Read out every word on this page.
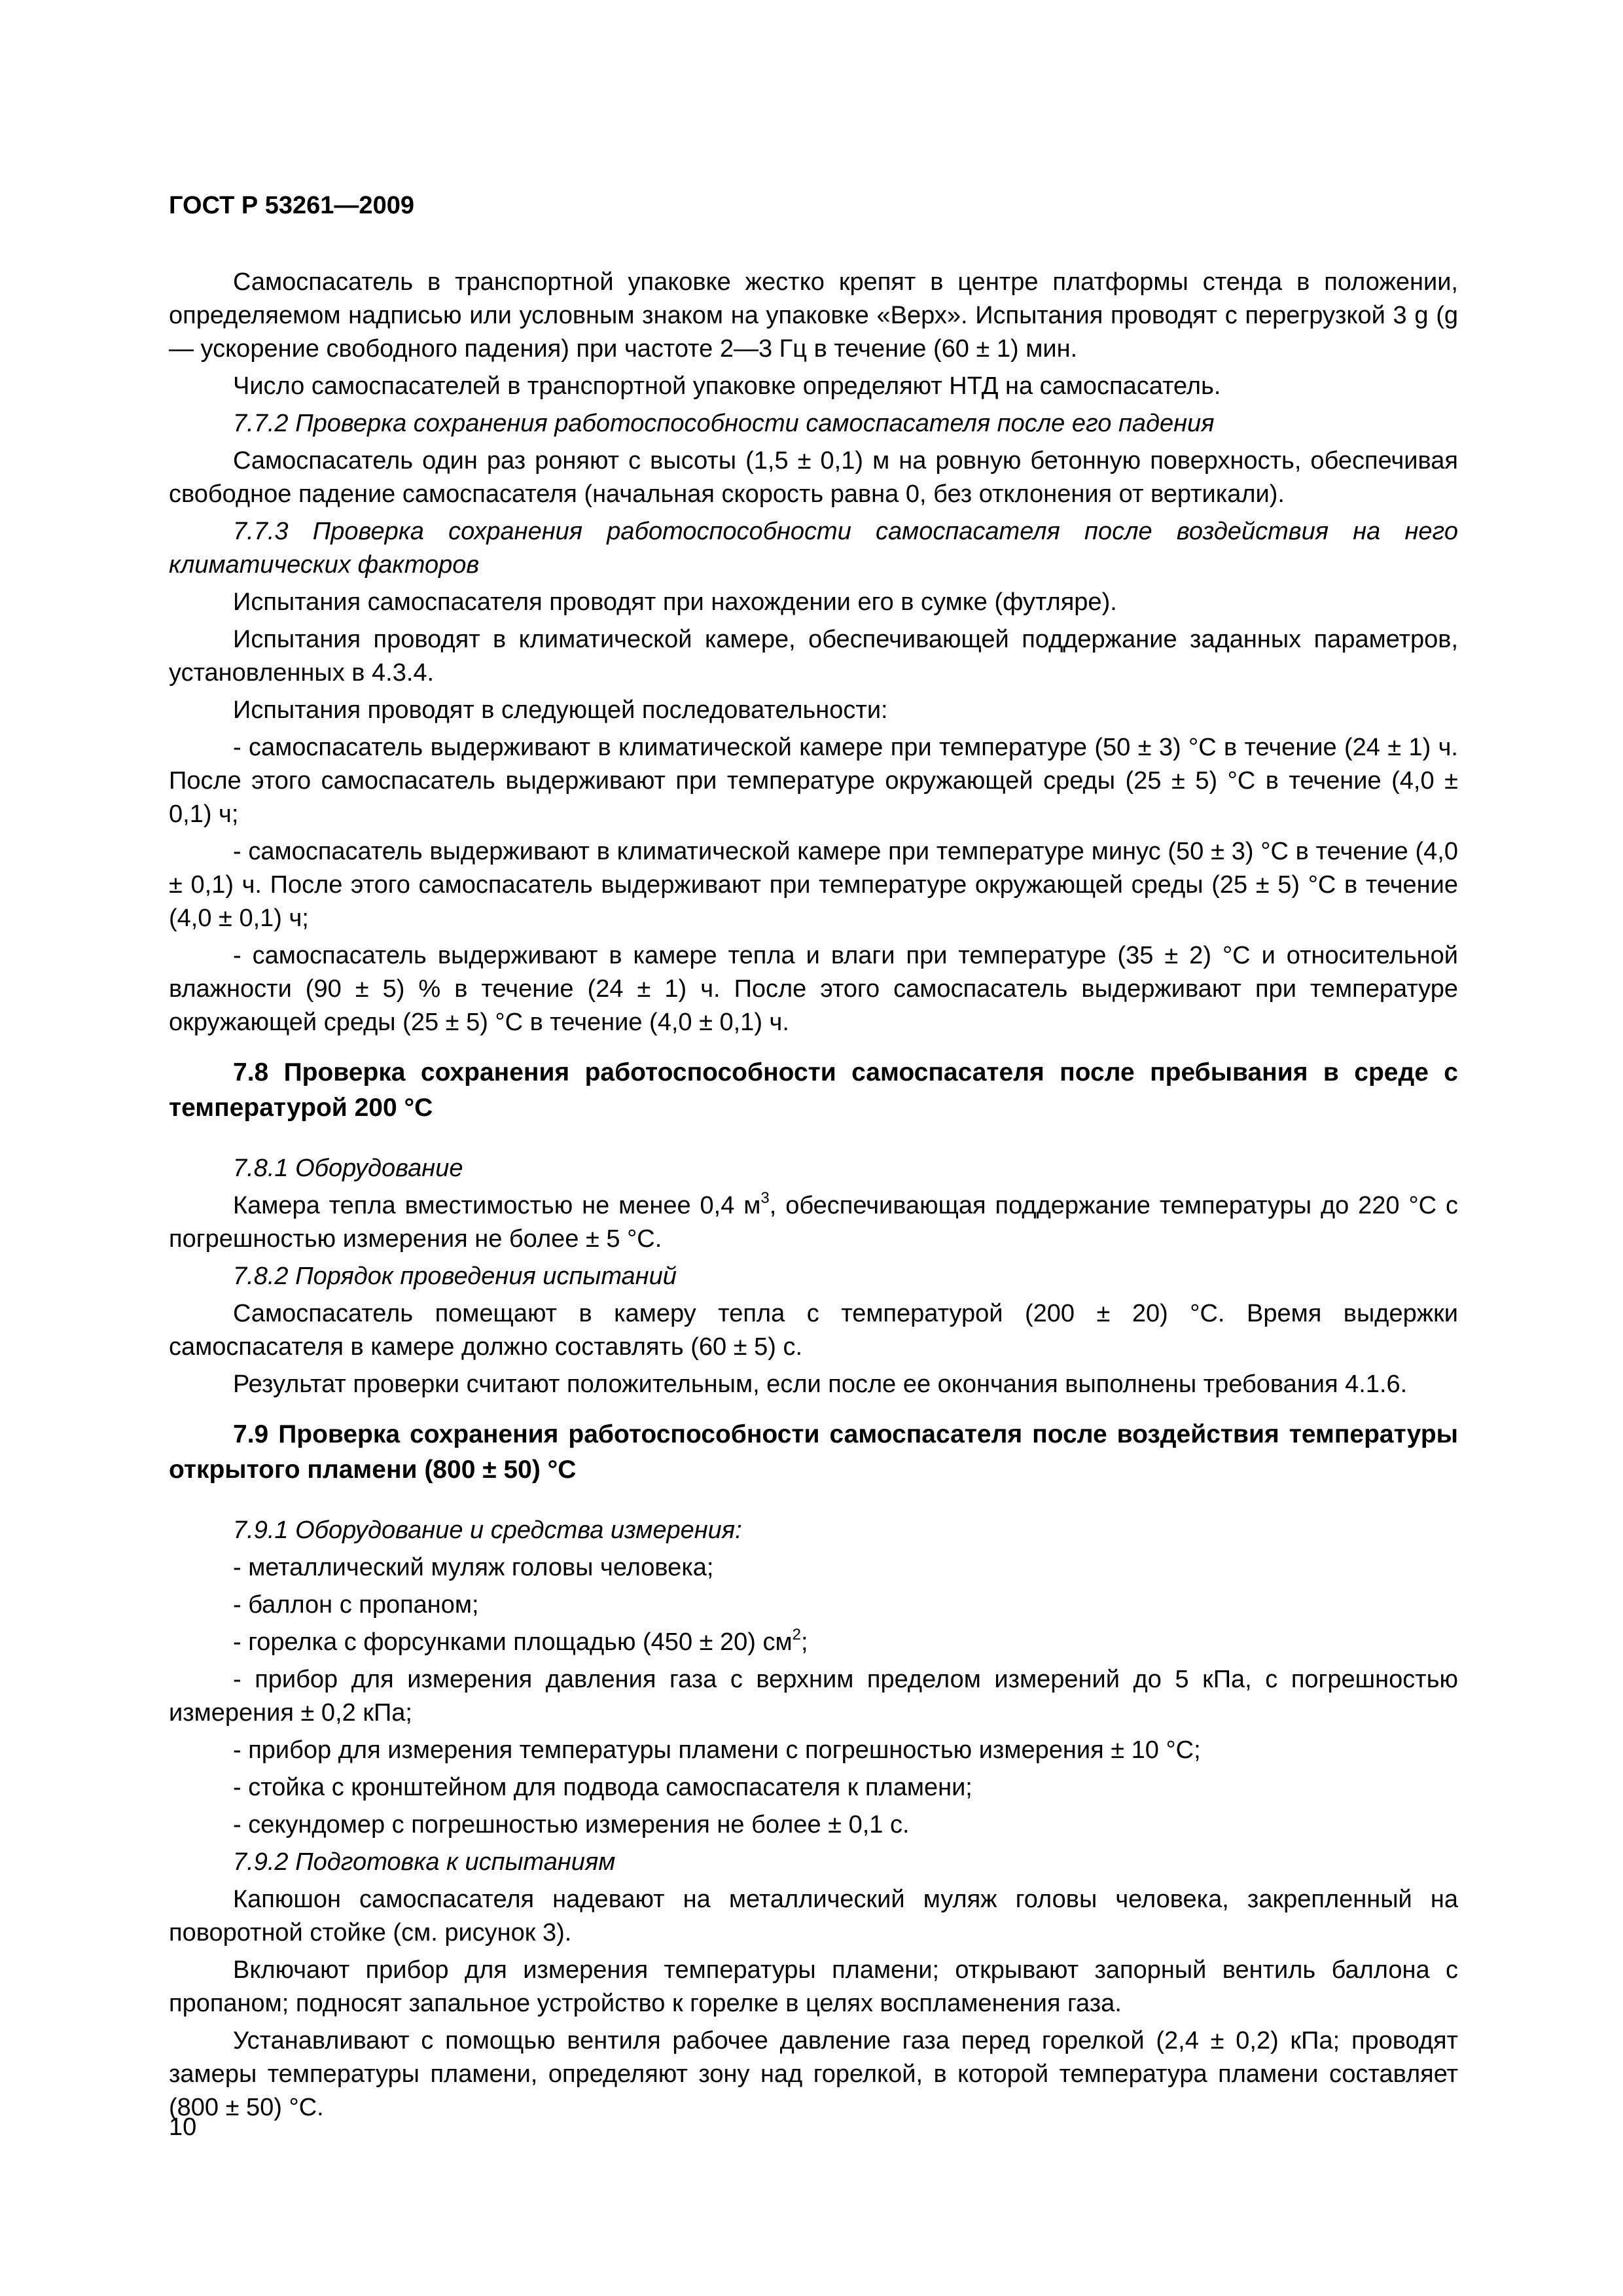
ГОСТ Р 53261—2009

Самоспасатель в транспортной упаковке жестко крепят в центре платформы стенда в положении, определяемом надписью или условным знаком на упаковке «Верх». Испытания проводят с перегрузкой 3 g (g — ускорение свободного падения) при частоте 2—3 Гц в течение (60 ± 1) мин.

Число самоспасателей в транспортной упаковке определяют НТД на самоспасатель.

7.7.2 Проверка сохранения работоспособности самоспасателя после его падения

Самоспасатель один раз роняют с высоты (1,5 ± 0,1) м на ровную бетонную поверхность, обеспечивая свободное падение самоспасателя (начальная скорость равна 0, без отклонения от вертикали).

7.7.3 Проверка сохранения работоспособности самоспасателя после воздействия на него климатических факторов

Испытания самоспасателя проводят при нахождении его в сумке (футляре).

Испытания проводят в климатической камере, обеспечивающей поддержание заданных параметров, установленных в 4.3.4.

Испытания проводят в следующей последовательности:

- самоспасатель выдерживают в климатической камере при температуре (50 ± 3) °С в течение (24 ± 1) ч. После этого самоспасатель выдерживают при температуре окружающей среды (25 ± 5) °С в течение (4,0 ± 0,1) ч;

- самоспасатель выдерживают в климатической камере при температуре минус (50 ± 3) °С в течение (4,0 ± 0,1) ч. После этого самоспасатель выдерживают при температуре окружающей среды (25 ± 5) °С в течение (4,0 ± 0,1) ч;

- самоспасатель выдерживают в камере тепла и влаги при температуре (35 ± 2) °С и относительной влажности (90 ± 5) % в течение (24 ± 1) ч. После этого самоспасатель выдерживают при температуре окружающей среды (25 ± 5) °С в течение (4,0 ± 0,1) ч.

7.8 Проверка сохранения работоспособности самоспасателя после пребывания в среде с температурой 200 °С

7.8.1 Оборудование

Камера тепла вместимостью не менее 0,4 $м^3$, обеспечивающая поддержание температуры до 220 °С с погрешностью измерения не более ± 5 °С.

7.8.2 Порядок проведения испытаний

Самоспасатель помещают в камеру тепла с температурой (200 ± 20) °С. Время выдержки самоспасателя в камере должно составлять (60 ± 5) с.

Результат проверки считают положительным, если после ее окончания выполнены требования 4.1.6.

7.9 Проверка сохранения работоспособности самоспасателя после воздействия температуры открытого пламени (800 ± 50) °С

7.9.1 Оборудование и средства измерения:

- металлический муляж головы человека;

- баллон с пропаном;

- горелка с форсунками площадью (450 ± 20) $см^2$;

- прибор для измерения давления газа с верхним пределом измерений до 5 кПа, с погрешностью измерения ± 0,2 кПа;

- прибор для измерения температуры пламени с погрешностью измерения ± 10 °С;

- стойка с кронштейном для подвода самоспасателя к пламени;

- секундомер с погрешностью измерения не более ± 0,1 с.

7.9.2 Подготовка к испытаниям

Капюшон самоспасателя надевают на металлический муляж головы человека, закрепленный на поворотной стойке (см. рисунок 3).

Включают прибор для измерения температуры пламени; открывают запорный вентиль баллона с пропаном; подносят запальное устройство к горелке в целях воспламенения газа.

Устанавливают с помощью вентиля рабочее давление газа перед горелкой (2,4 ± 0,2) кПа; проводят замеры температуры пламени, определяют зону над горелкой, в которой температура пламени составляет (800 ± 50) °С.

10
